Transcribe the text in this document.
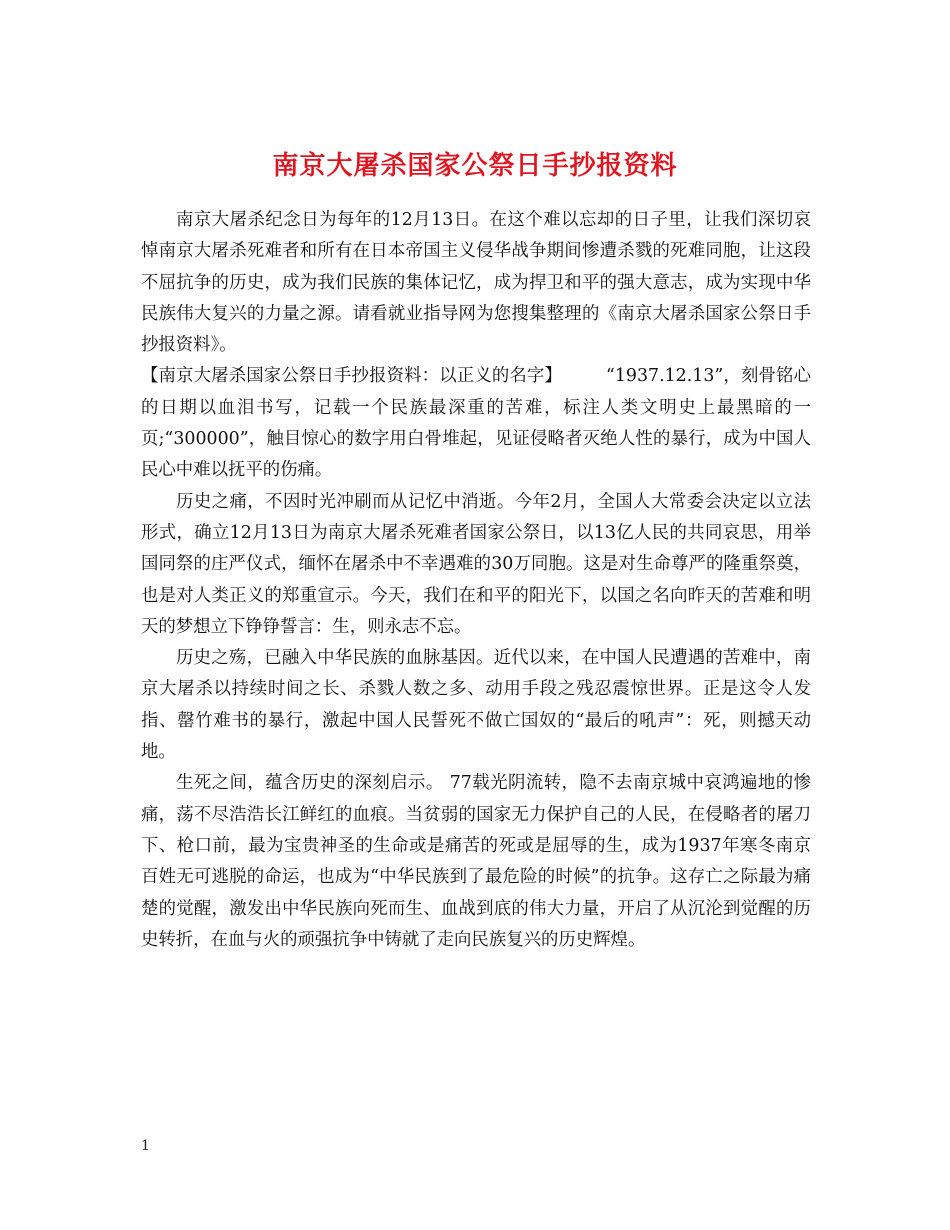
南京大屠杀国家公祭日手抄报资料

南京大屠杀纪念日为每年的12月13日。在这个难以忘却的日子里，让我们深切哀悼南京大屠杀死难者和所有在日本帝国主义侵华战争期间惨遭杀戮的死难同胞，让这段不屈抗争的历史，成为我们民族的集体记忆，成为捍卫和平的强大意志，成为实现中华民族伟大复兴的力量之源。请看就业指导网为您搜集整理的《南京大屠杀国家公祭日手抄报资料》。

【南京大屠杀国家公祭日手抄报资料：以正义的名字】　　　	“1937.12.13”，刻骨铭心的日期以血泪书写，记载一个民族最深重的苦难，标注人类文明史上最黑暗的一页;“300000”，触目惊心的数字用白骨堆起，见证侵略者灭绝人性的暴行，成为中国人民心中难以抚平的伤痛。

历史之痛，不因时光冲刷而从记忆中消逝。今年2月，全国人大常委会决定以立法形式，确立12月13日为南京大屠杀死难者国家公祭日，以13亿人民的共同哀思，用举国同祭的庄严仪式，缅怀在屠杀中不幸遇难的30万同胞。这是对生命尊严的隆重祭奠，也是对人类正义的郑重宣示。今天，我们在和平的阳光下，以国之名向昨天的苦难和明天的梦想立下铮铮誓言：生，则永志不忘。

历史之殇，已融入中华民族的血脉基因。近代以来，在中国人民遭遇的苦难中，南京大屠杀以持续时间之长、杀戮人数之多、动用手段之残忍震惊世界。正是这令人发指、罄竹难书的暴行，激起中国人民誓死不做亡国奴的“最后的吼声”：死，则撼天动地。

生死之间，蕴含历史的深刻启示。 77载光阴流转，隐不去南京城中哀鸿遍地的惨痛，荡不尽浩浩长江鲜红的血痕。当贫弱的国家无力保护自己的人民，在侵略者的屠刀下、枪口前，最为宝贵神圣的生命或是痛苦的死或是屈辱的生，成为1937年寒冬南京百姓无可逃脱的命运，也成为“中华民族到了最危险的时候”的抗争。这存亡之际最为痛楚的觉醒，激发出中华民族向死而生、血战到底的伟大力量，开启了从沉沦到觉醒的历史转折，在血与火的顽强抗争中铸就了走向民族复兴的历史辉煌。

1
